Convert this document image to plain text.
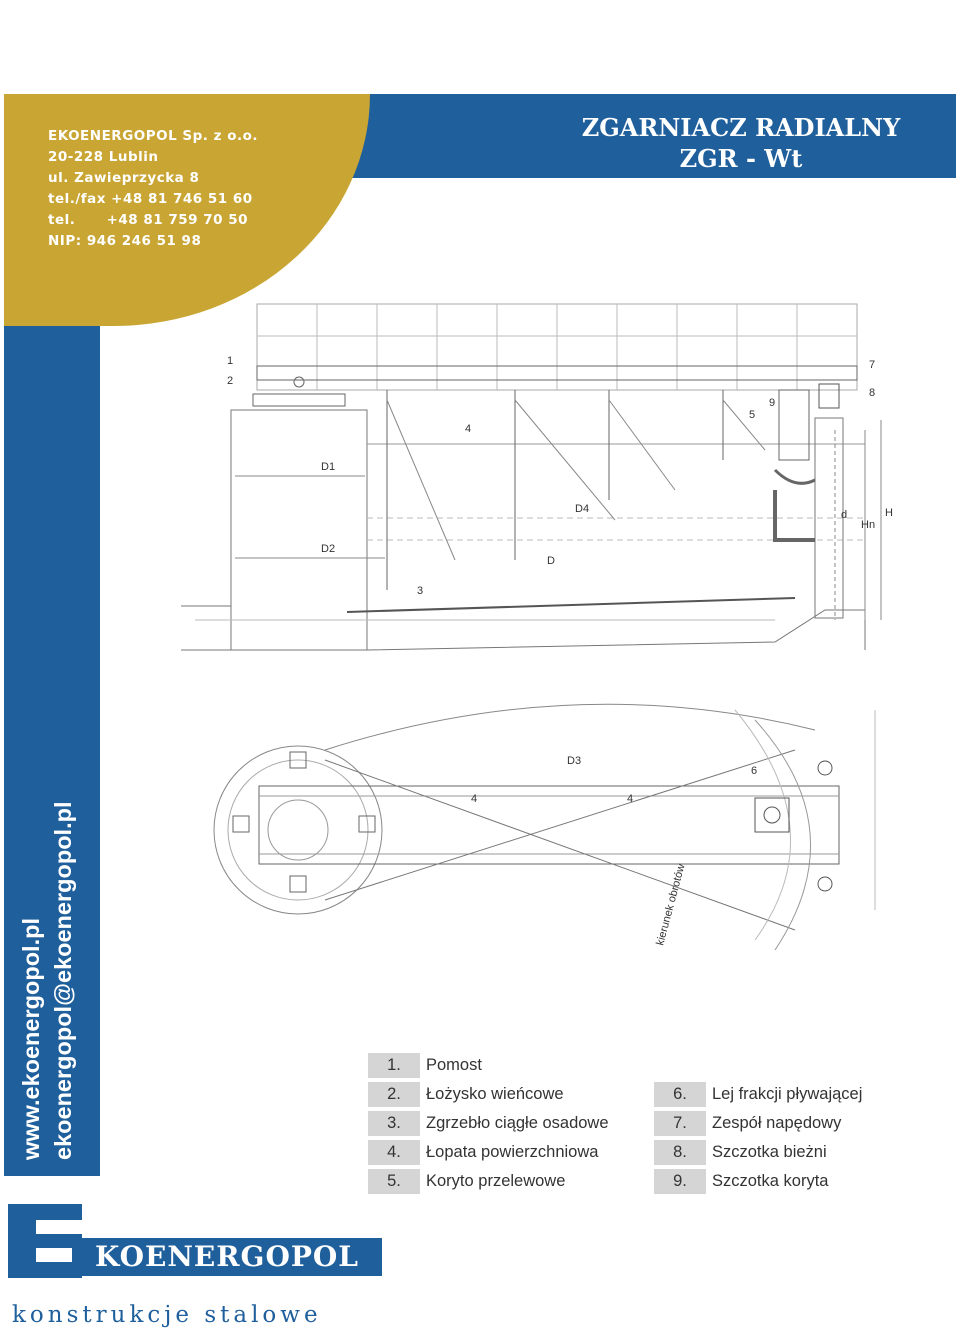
EKOENERGOPOL Sp. z o.o.
20-228 Lublin
ul. Zawieprzycka 8
tel./fax +48 81 746 51 60
tel.      +48 81 759 70 50
NIP: 946 246 51 98
ZGARNIACZ RADIALNY
ZGR - Wt
www.ekoenergopol.pl ekoenergopol@ekoenergopol.pl
1
2
3
4
4	4
5
6
7
8
9
D1
D2
D3
D4
D
d
Hn
H
kierunek obrotów
1.	Pomost
2.	Łożysko wieńcowe
3.	Zgrzebło ciągłe osadowe
4.	Łopata powierzchniowa
5.	Koryto przelewowe
6.	Lej frakcji pływającej
7.	Zespół napędowy
8.	Szczotka bieżni
9.	Szczotka koryta
KOENERGOPOL
konstrukcje stalowe
